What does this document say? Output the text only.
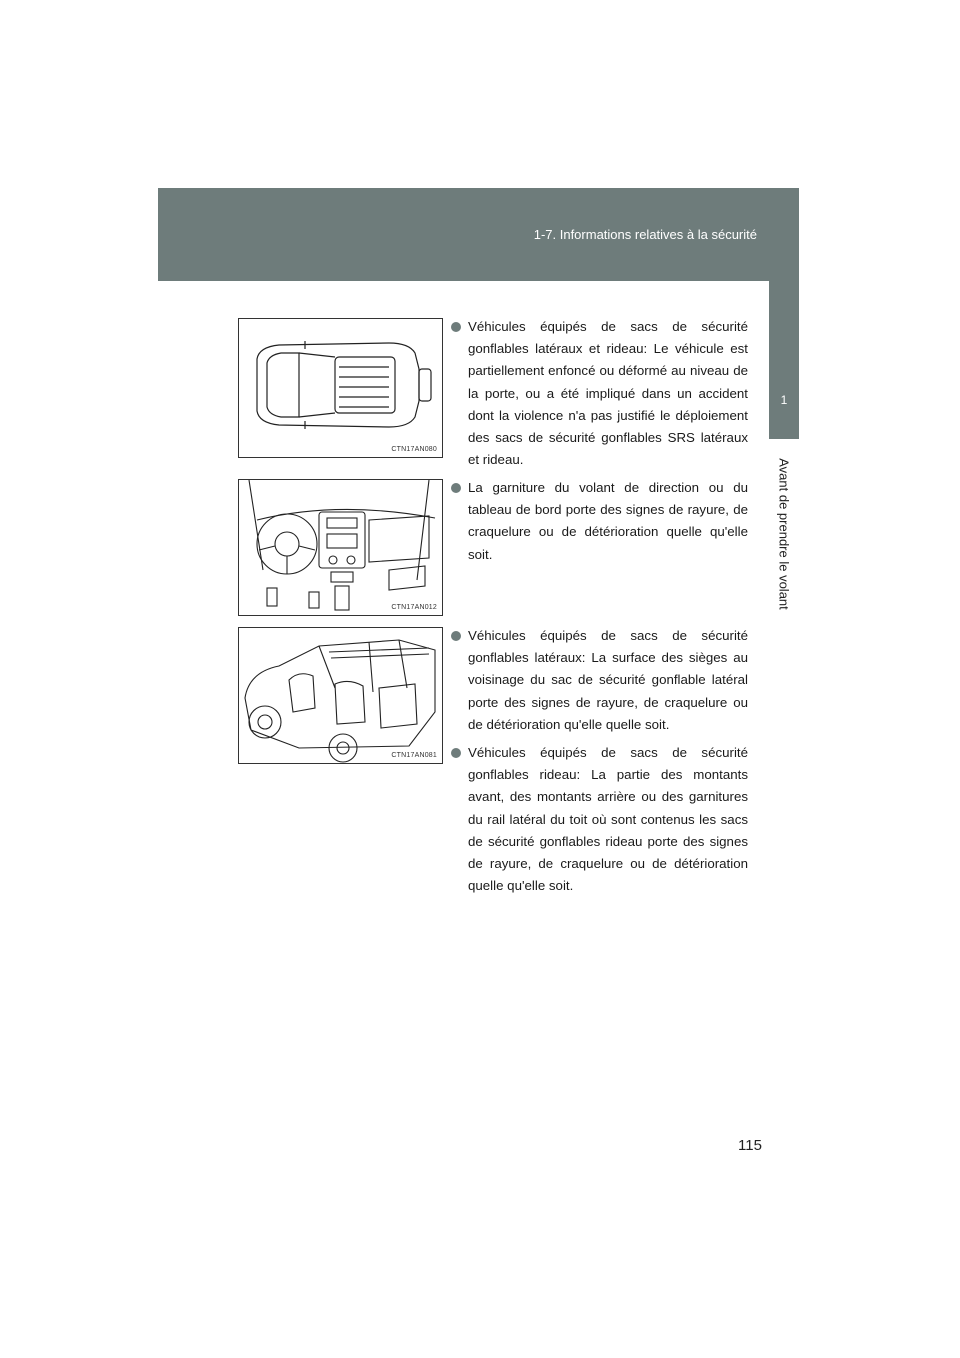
1-7. Informations relatives à la sécurité
1
Avant de prendre le volant
CTN17AN080
CTN17AN012
CTN17AN081
Véhicules équipés de sacs de sécurité gonflables latéraux et rideau: Le véhicule est partiellement enfoncé ou déformé au niveau de la porte, ou a été impliqué dans un accident dont la violence n'a pas justifié le déploiement des sacs de sécurité gonflables SRS latéraux et rideau.
La garniture du volant de direction ou du tableau de bord porte des signes de rayure, de craquelure ou de détérioration quelle qu'elle soit.
Véhicules équipés de sacs de sécurité gonflables latéraux: La surface des sièges au voisinage du sac de sécurité gonflable latéral porte des signes de rayure, de craquelure ou de détérioration qu'elle quelle soit.
Véhicules équipés de sacs de sécurité gonflables rideau: La partie des montants avant, des montants arrière ou des garnitures du rail latéral du toit où sont contenus les sacs de sécurité gonflables rideau porte des signes de rayure, de craquelure ou de détérioration quelle qu'elle soit.
115
